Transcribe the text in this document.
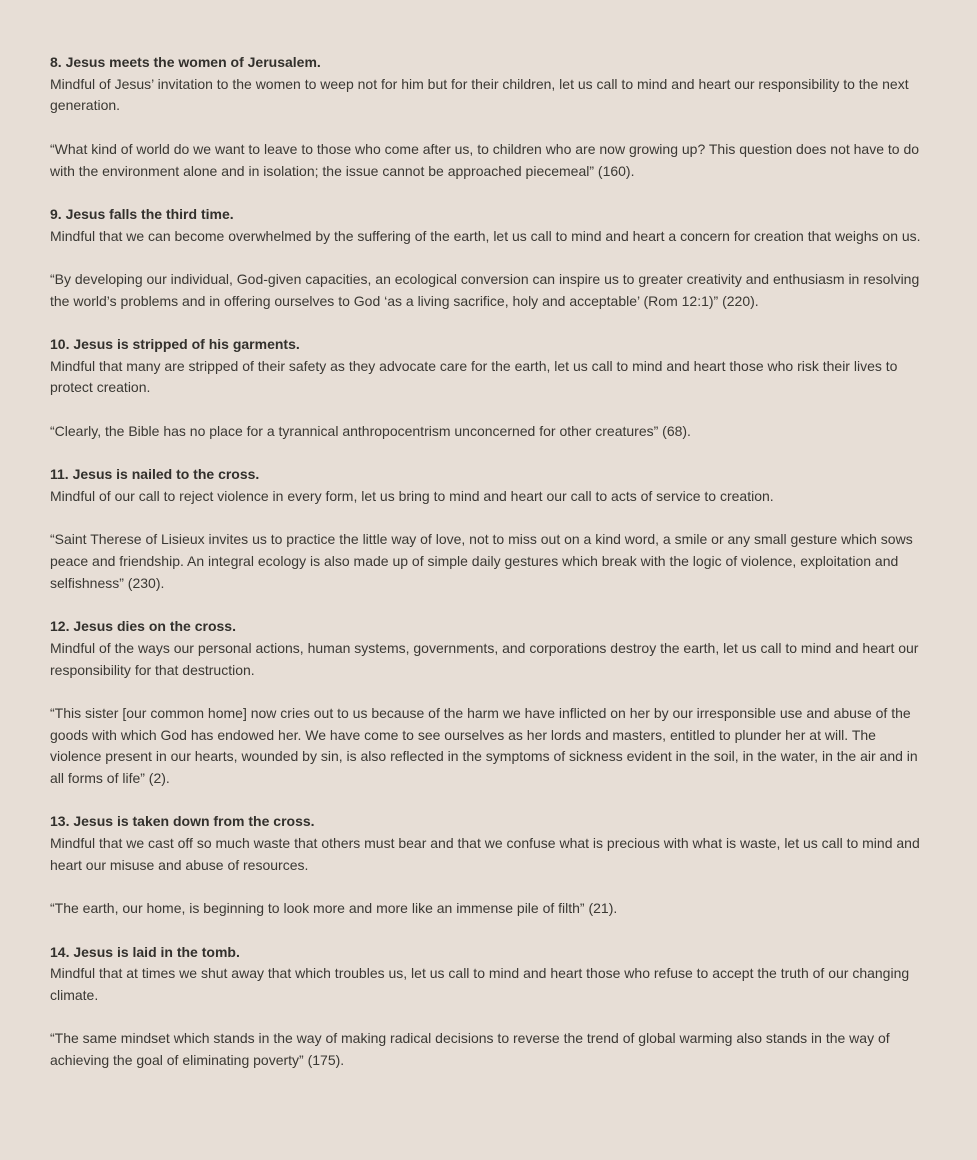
8. Jesus meets the women of Jerusalem.

Mindful of Jesus’ invitation to the women to weep not for him but for their children, let us call to mind and heart our responsibility to the next generation.

“What kind of world do we want to leave to those who come after us, to children who are now growing up? This question does not have to do with the environment alone and in isolation; the issue cannot be approached piecemeal” (160).

9. Jesus falls the third time.

Mindful that we can become overwhelmed by the suffering of the earth, let us call to mind and heart a concern for creation that weighs on us.

“By developing our individual, God-given capacities, an ecological conversion can inspire us to greater creativity and enthusiasm in resolving the world’s problems and in offering ourselves to God ‘as a living sacrifice, holy and acceptable’ (Rom 12:1)” (220).

10. Jesus is stripped of his garments.

Mindful that many are stripped of their safety as they advocate care for the earth, let us call to mind and heart those who risk their lives to protect creation.

“Clearly, the Bible has no place for a tyrannical anthropocentrism unconcerned for other creatures” (68).

11. Jesus is nailed to the cross.

Mindful of our call to reject violence in every form, let us bring to mind and heart our call to acts of service to creation.

“Saint Therese of Lisieux invites us to practice the little way of love, not to miss out on a kind word, a smile or any small gesture which sows peace and friendship. An integral ecology is also made up of simple daily gestures which break with the logic of violence, exploitation and selfishness” (230).

12. Jesus dies on the cross.

Mindful of the ways our personal actions, human systems, governments, and corporations destroy the earth, let us call to mind and heart our responsibility for that destruction.

“This sister [our common home] now cries out to us because of the harm we have inflicted on her by our irresponsible use and abuse of the goods with which God has endowed her. We have come to see ourselves as her lords and masters, entitled to plunder her at will. The violence present in our hearts, wounded by sin, is also reflected in the symptoms of sickness evident in the soil, in the water, in the air and in all forms of life” (2).

13. Jesus is taken down from the cross.

Mindful that we cast off so much waste that others must bear and that we confuse what is precious with what is waste, let us call to mind and heart our misuse and abuse of resources.

“The earth, our home, is beginning to look more and more like an immense pile of filth” (21).

14. Jesus is laid in the tomb.

Mindful that at times we shut away that which troubles us, let us call to mind and heart those who refuse to accept the truth of our changing climate.

“The same mindset which stands in the way of making radical decisions to reverse the trend of global warming also stands in the way of achieving the goal of eliminating poverty” (175).
